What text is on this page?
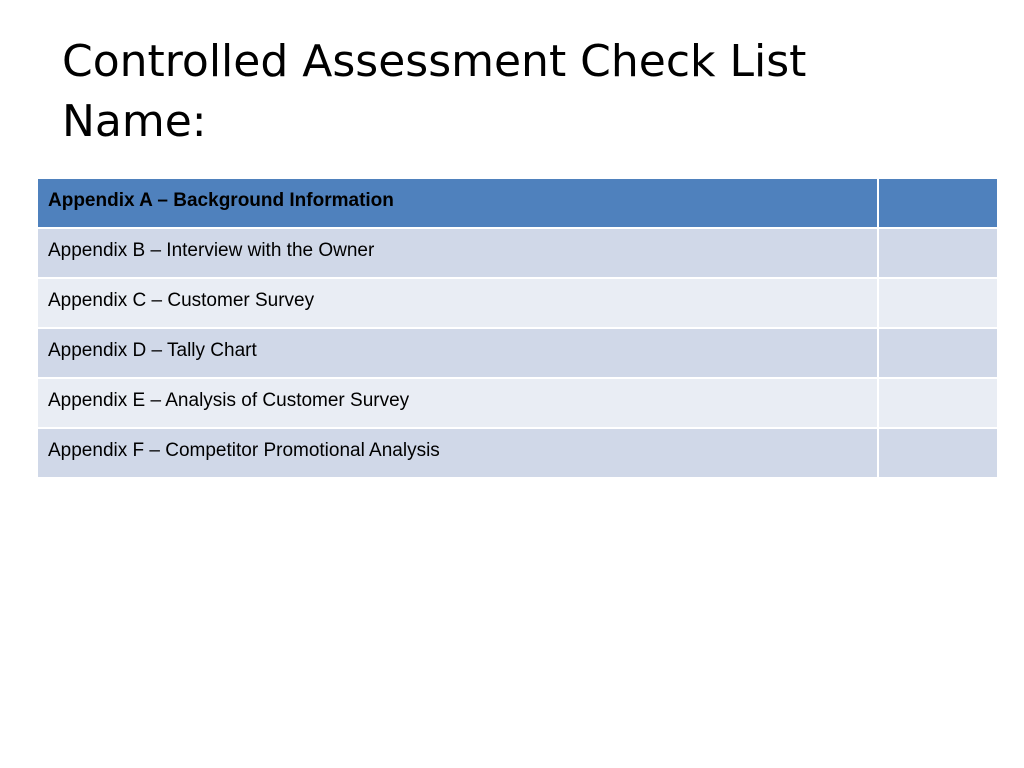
Controlled Assessment Check List
Name:
Appendix A – Background Information	
Appendix B – Interview with the Owner	
Appendix C – Customer Survey	
Appendix D – Tally Chart	
Appendix E – Analysis of Customer Survey	
Appendix F – Competitor Promotional Analysis	
